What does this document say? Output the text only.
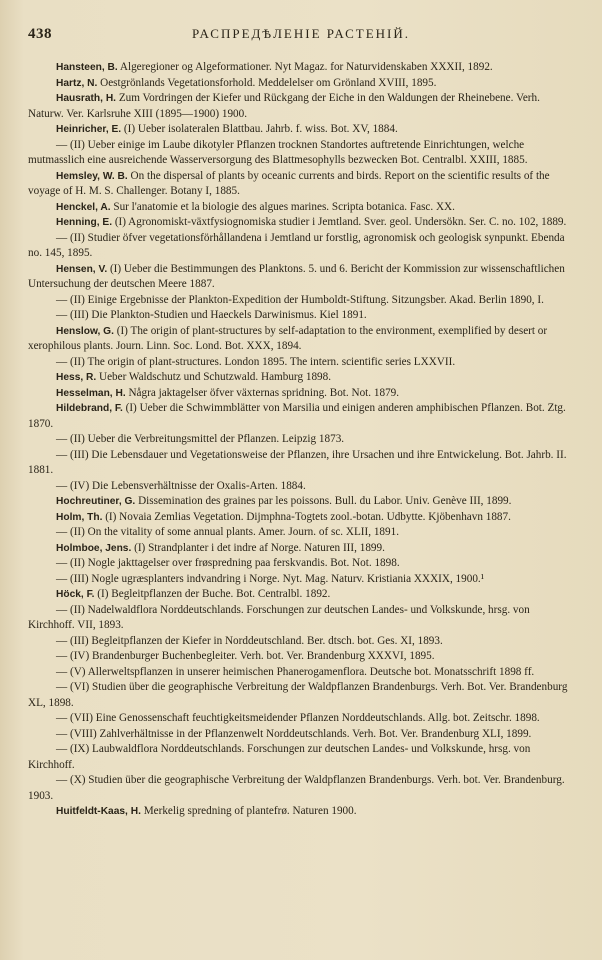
438	РАСПРЕДѢЛЕНІЕ РАСТЕНІЙ.

Hansteen, B. Algeregioner og Algeformationer. Nyt Magaz. for Naturvidenskaben XXXII, 1892.

Hartz, N. Oestgrönlands Vegetationsforhold. Meddelelser om Grönland XVIII, 1895.

Hausrath, H. Zum Vordringen der Kiefer und Rückgang der Eiche in den Waldungen der Rheinebene. Verh. Naturw. Ver. Karlsruhe XIII (1895—1900) 1900.

Heinricher, E. (I) Ueber isolateralen Blattbau. Jahrb. f. wiss. Bot. XV, 1884.

— (II) Ueber einige im Laube dikotyler Pflanzen trocknen Standortes auftretende Einrichtungen, welche mutmasslich eine ausreichende Wasserversorgung des Blattmesophylls bezwecken Bot. Centralbl. XXIII, 1885.

Hemsley, W. B. On the dispersal of plants by oceanic currents and birds. Report on the scientific results of the voyage of H. M. S. Challenger. Botany I, 1885.

Henckel, A. Sur l'anatomie et la biologie des algues marines. Scripta botanica. Fasc. XX.

Henning, E. (I) Agronomiskt-växtfysiognomiska studier i Jemtland. Sver. geol. Undersökn. Ser. C. no. 102, 1889.

— (II) Studier öfver vegetationsförhållandena i Jemtland ur forstlig, agronomisk och geologisk synpunkt. Ebenda no. 145, 1895.

Hensen, V. (I) Ueber die Bestimmungen des Planktons. 5. und 6. Bericht der Kommission zur wissenschaftlichen Untersuchung der deutschen Meere 1887.

— (II) Einige Ergebnisse der Plankton-Expedition der Humboldt-Stiftung. Sitzungsber. Akad. Berlin 1890, I.

— (III) Die Plankton-Studien und Haeckels Darwinismus. Kiel 1891.

Henslow, G. (I) The origin of plant-structures by self-adaptation to the environment, exemplified by desert or xerophilous plants. Journ. Linn. Soc. Lond. Bot. XXX, 1894.

— (II) The origin of plant-structures. London 1895. The intern. scientific series LXXVII.

Hess, R. Ueber Waldschutz und Schutzwald. Hamburg 1898.

Hesselman, H. Några jaktagelser öfver växternas spridning. Bot. Not. 1879.

Hildebrand, F. (I) Ueber die Schwimmblätter von Marsilia und einigen anderen amphibischen Pflanzen. Bot. Ztg. 1870.

— (II) Ueber die Verbreitungsmittel der Pflanzen. Leipzig 1873.

— (III) Die Lebensdauer und Vegetationsweise der Pflanzen, ihre Ursachen und ihre Entwickelung. Bot. Jahrb. II. 1881.

— (IV) Die Lebensverhältnisse der Oxalis-Arten. 1884.

Hochreutiner, G. Dissemination des graines par les poissons. Bull. du Labor. Univ. Genève III, 1899.

Holm, Th. (I) Novaia Zemlias Vegetation. Dijmphna-Togtets zool.-botan. Udbytte. Kjöbenhavn 1887.

— (II) On the vitality of some annual plants. Amer. Journ. of sc. XLII, 1891.

Holmboe, Jens. (I) Strandplanter i det indre af Norge. Naturen III, 1899.

— (II) Nogle jakttagelser over frøspredning paa ferskvandis. Bot. Not. 1898.

— (III) Nogle ugræsplanters indvandring i Norge. Nyt. Mag. Naturv. Kristiania XXXIX, 1900.¹

Höck, F. (I) Begleitpflanzen der Buche. Bot. Centralbl. 1892.

— (II) Nadelwaldflora Norddeutschlands. Forschungen zur deutschen Landes- und Volkskunde, hrsg. von Kirchhoff. VII, 1893.

— (III) Begleitpflanzen der Kiefer in Norddeutschland. Ber. dtsch. bot. Ges. XI, 1893.

— (IV) Brandenburger Buchenbegleiter. Verh. bot. Ver. Brandenburg XXXVI, 1895.

— (V) Allerweltspflanzen in unserer heimischen Phanerogamenflora. Deutsche bot. Monatsschrift 1898 ff.

— (VI) Studien über die geographische Verbreitung der Waldpflanzen Brandenburgs. Verh. Bot. Ver. Brandenburg XL, 1898.

— (VII) Eine Genossenschaft feuchtigkeitsmeidender Pflanzen Norddeutschlands. Allg. bot. Zeitschr. 1898.

— (VIII) Zahlverhältnisse in der Pflanzenwelt Norddeutschlands. Verh. Bot. Ver. Brandenburg XLI, 1899.

— (IX) Laubwaldflora Norddeutschlands. Forschungen zur deutschen Landes- und Volkskunde, hrsg. von Kirchhoff.

— (X) Studien über die geographische Verbreitung der Waldpflanzen Brandenburgs. Verh. bot. Ver. Brandenburg. 1903.

Huitfeldt-Kaas, H. Merkelig spredning of plantefrø. Naturen 1900.
